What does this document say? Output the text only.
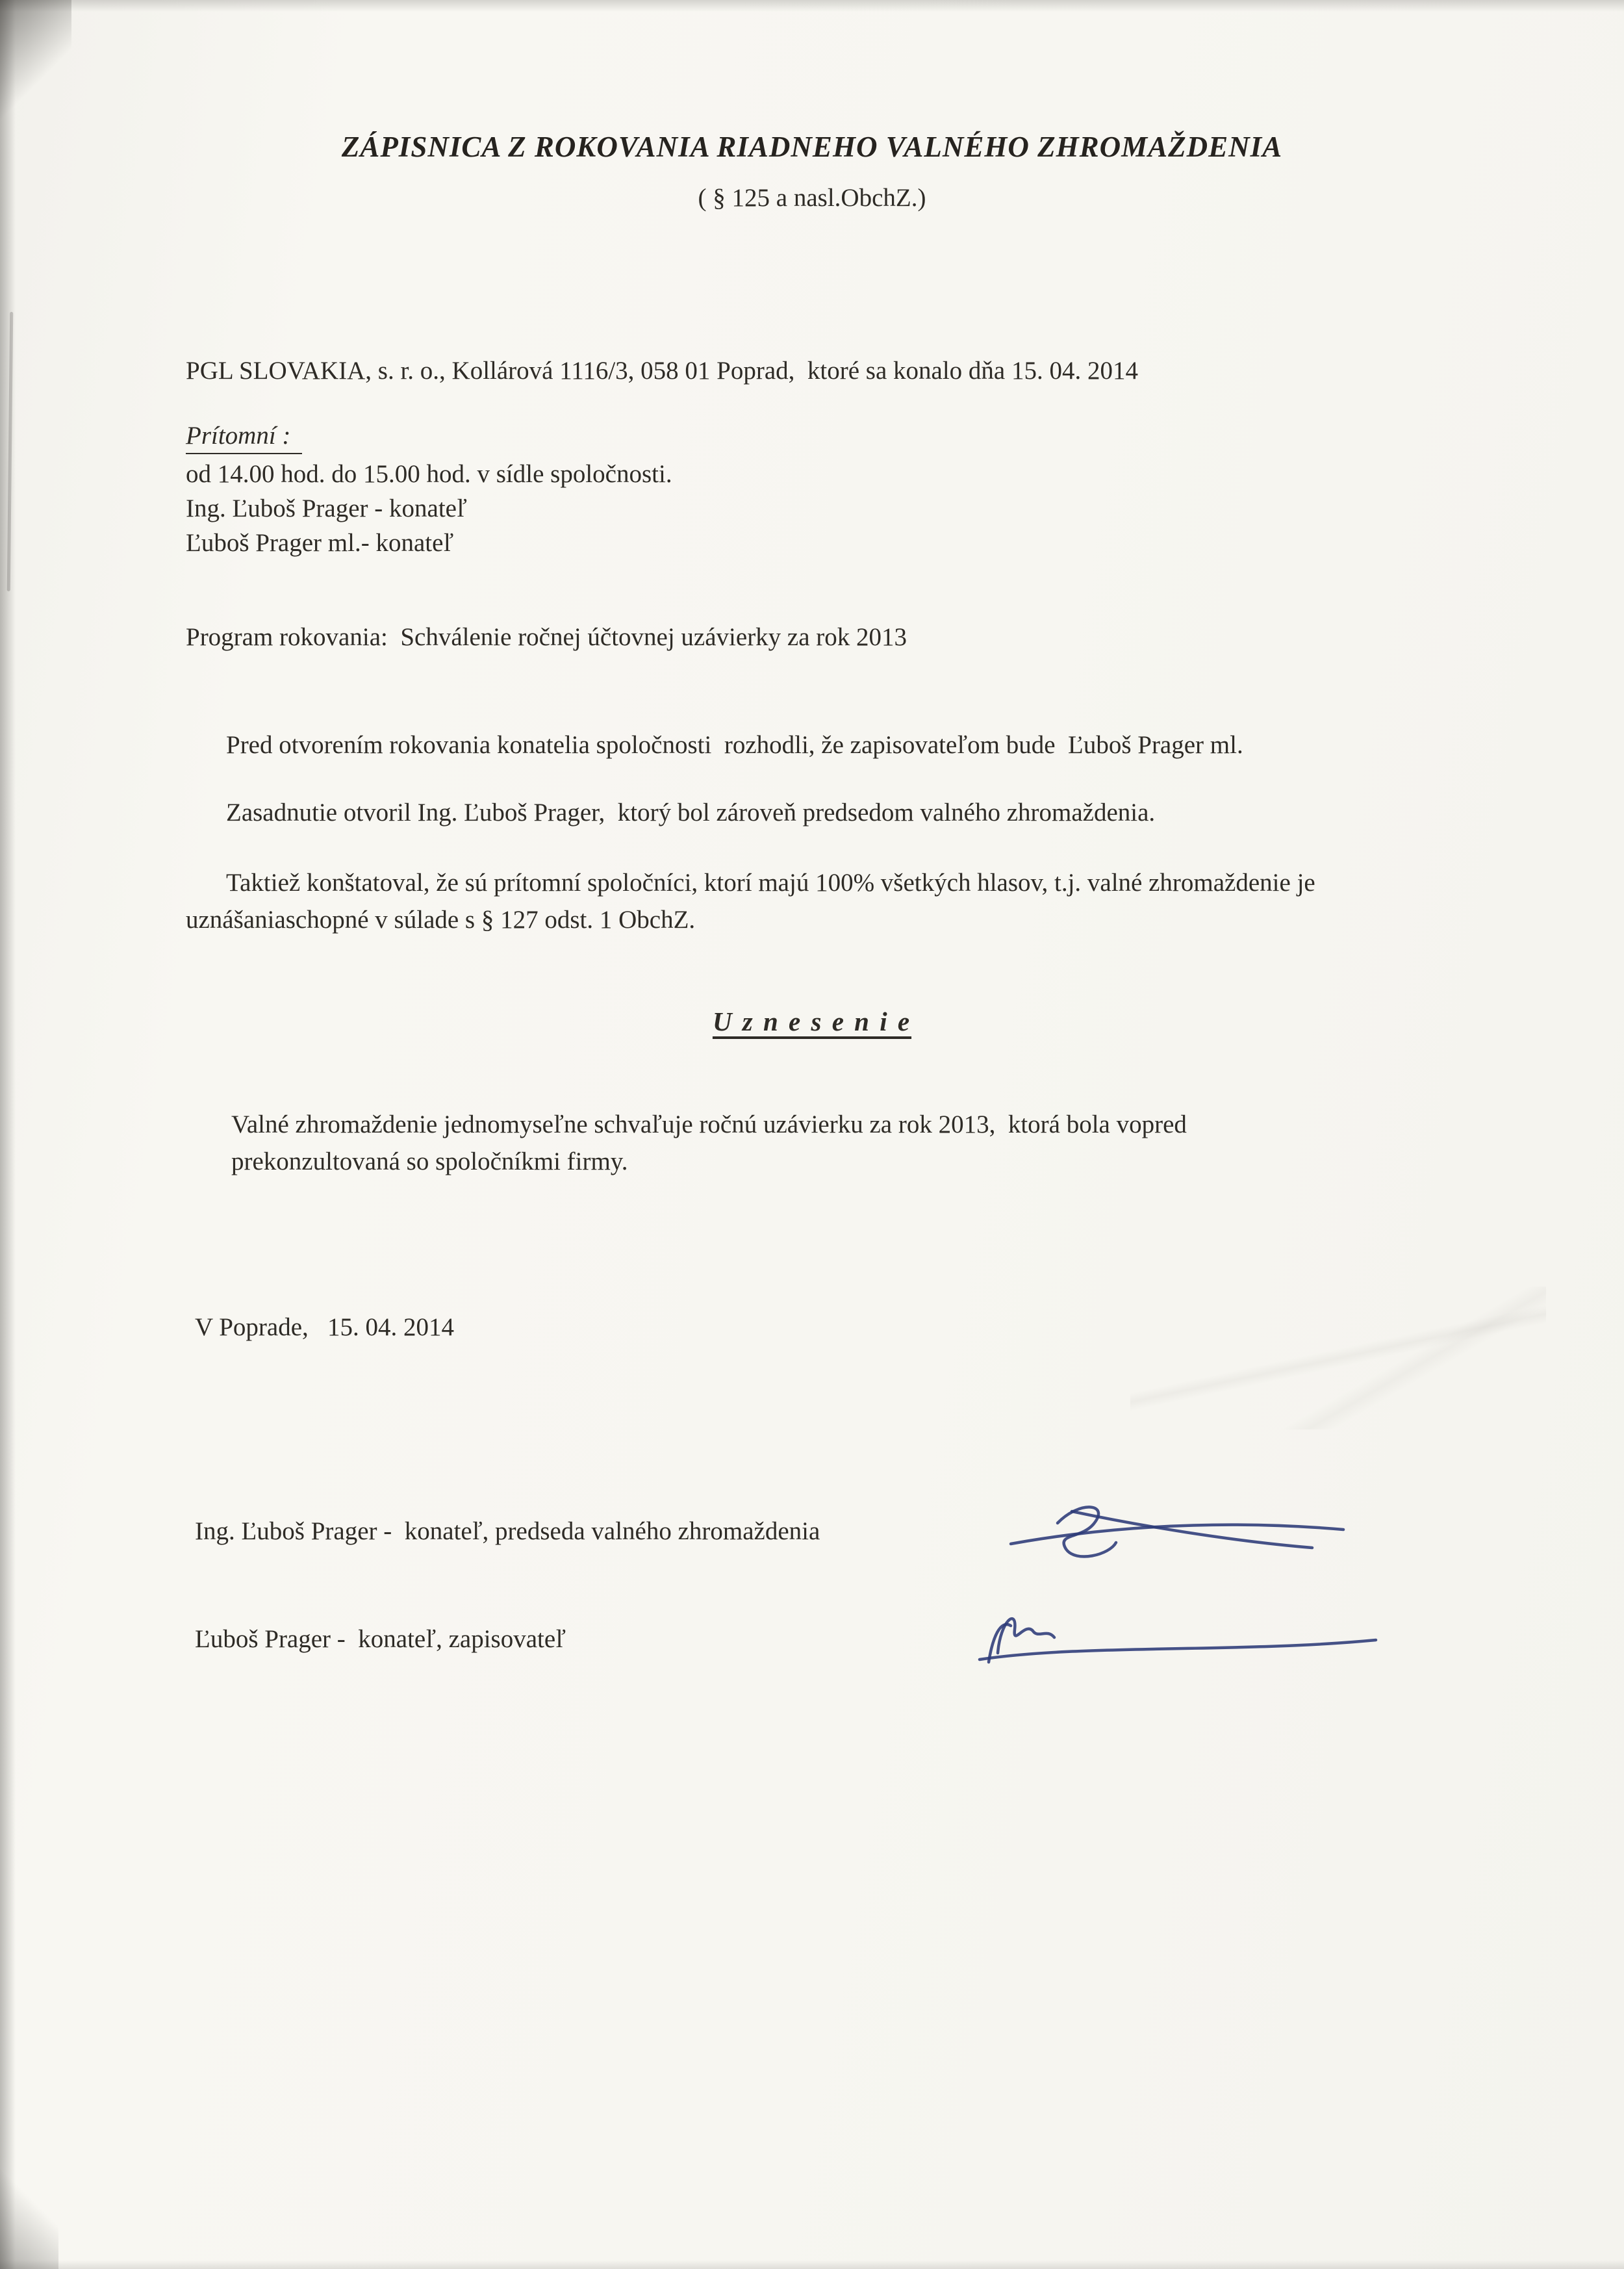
ZÁPISNICA Z ROKOVANIA RIADNEHO VALNÉHO ZHROMAŽDENIA
( § 125 a nasl.ObchZ.)

PGL SLOVAKIA, s. r. o., Kollárová 1116/3, 058 01 Poprad,  ktoré sa konalo dňa 15. 04. 2014

od 14.00 hod. do 15.00 hod. v sídle spoločnosti.

Prítomní :
Ing. Ľuboš Prager - konateľ
Ľuboš Prager ml.- konateľ
Program rokovania:  Schválenie ročnej účtovnej uzávierky za rok 2013
Pred otvorením rokovania konatelia spoločnosti  rozhodli, že zapisovateľom bude  Ľuboš Prager ml.
Zasadnutie otvoril Ing. Ľuboš Prager,  ktorý bol zároveň predsedom valného zhromaždenia.
Taktiež konštatoval, že sú prítomní spoločníci, ktorí majú 100% všetkých hlasov, t.j. valné zhromaždenie je uznášaniaschopné v súlade s § 127 odst. 1 ObchZ.
U z n e s e n i e
Valné zhromaždenie jednomyseľne schvaľuje ročnú uzávierku za rok 2013,  ktorá bola vopred prekonzultovaná so spoločníkmi firmy.
V Poprade,   15. 04. 2014
Ing. Ľuboš Prager -  konateľ, predseda valného zhromaždenia
Ľuboš Prager -  konateľ, zapisovateľ
